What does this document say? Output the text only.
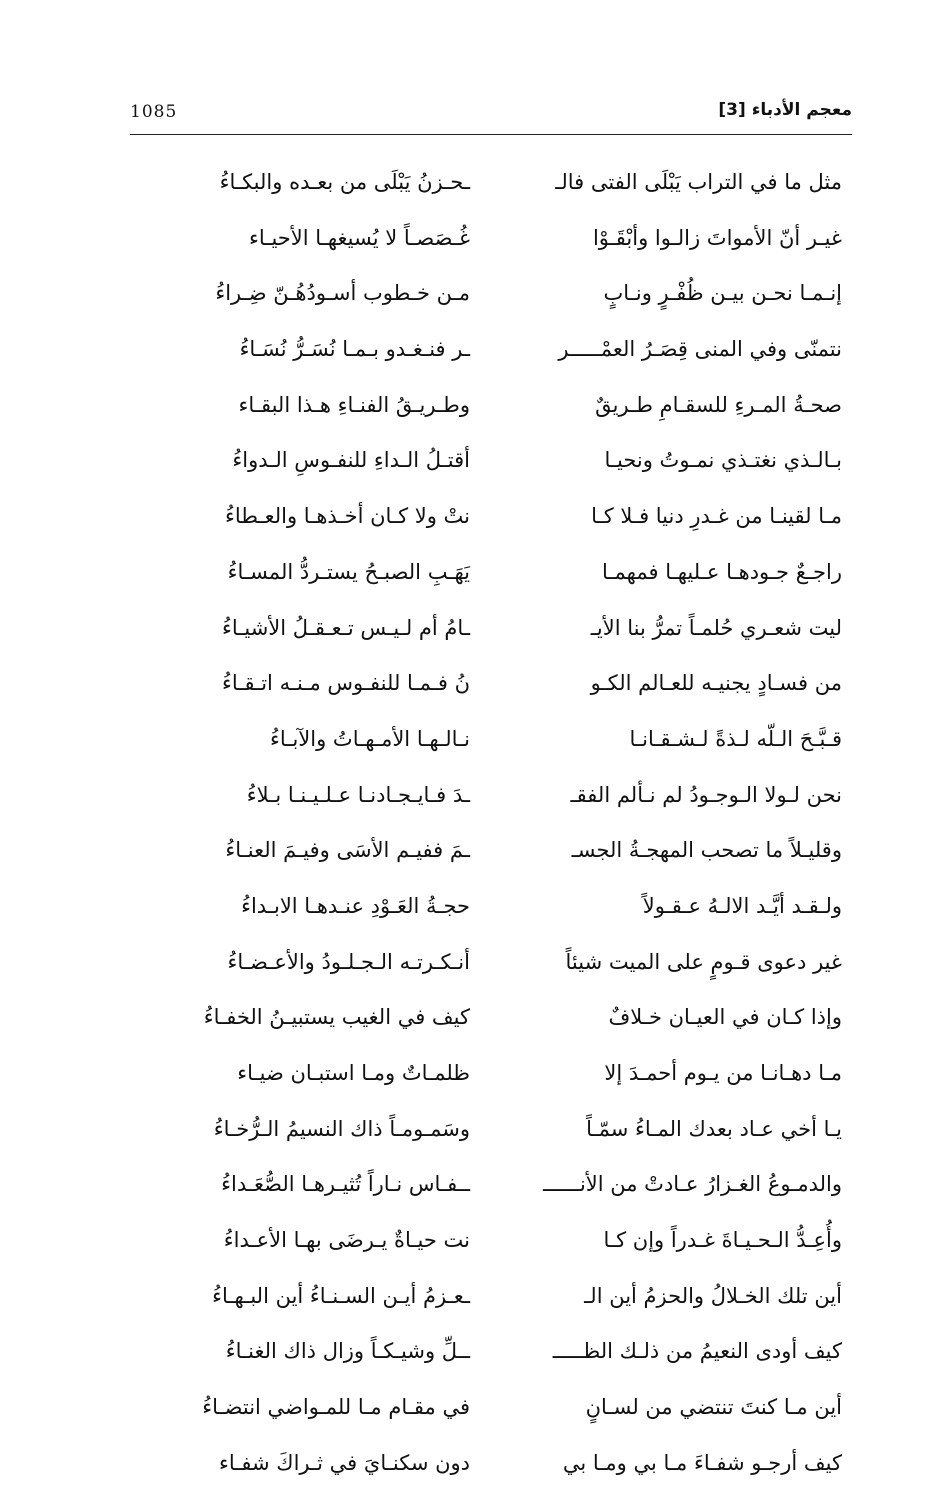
1085	معجم الأدباء [3]
مثل ما في التراب يَبْلَى الفتى فالـ
ـحـزنُ يَبْلَى من بعـده والبكـاءُ
غيـر أنّ الأمواتَ زالـوا وأبْقَـوْا
غُـصَصـاً لا يُسيغهـا الأحيـاء
إنـمـا نحـن بيـن ظُفْـرٍ ونـابٍ
مـن خـطوب أسـودُهُـنّ ضِـراءُ
نتمنّى وفي المنى قِصَـرُ العمْـــــر
ـر فنـغـدو بـمـا نُسَـرُّ نُسَـاءُ
صحـةُ المـرءِ للسقـامِ طـريقٌ
وطـريـقُ الفنـاءِ هـذا البقـاء
بـالـذي نغتـذي نمـوتُ ونحيـا
أقتـلُ الـداءِ للنفـوسِ الـدواءُ
مـا لقينـا من غـدرِ دنيا فـلا كـا
نتْ ولا كـان أخـذهـا والعـطاءُ
راجـعٌ جـودهـا عـليهـا فمهمـا
يَهَـبِ الصبـحُ يستـردُّ المسـاءُ
ليت شعـري حُلمـاً تمرُّ بنا الأيـ
ـامُ أم لـيـس تـعـقـلُ الأشيـاءُ
من فسـادٍ يجنيـه للعـالم الكـو
نُ فـمـا للنفـوس مـنـه اتـقـاءُ
قـبَّـحَ الـلّه لـذةً لـشـقـانـا
نـالـهـا الأمـهـاتُ والآبـاءُ
نحن لـولا الـوجـودُ لم نـألم الفقـ
ـدَ فـايـجـادنـا عـلـيـنـا بـلاءُ
وقليـلاً ما تصحب المهجـةُ الجسـ
ـمَ ففيـم الأسَى وفيـمَ العنـاءُ
ولـقـد أيَّـد الالـهُ عـقـولاً
حجـةُ العَـوْدِ عنـدهـا الابـداءُ
غير دعوى قـومٍ على الميت شيئاً
أنـكـرتـه الـجـلـودُ والأعـضـاءُ
وإذا كـان في العيـان خـلافٌ
كيف في الغيب يستبيـنُ الخفـاءُ
مـا دهـانـا من يـوم أحمـدَ إلا
ظلمـاتٌ ومـا استبـان ضيـاء
يـا أخي عـاد بعدك المـاءُ سمّـاً
وسَمـومـاً ذاك النسيمُ الـرُّخـاءُ
والدمـوعُ الغـزارُ عـادتْ من الأنــــــ
ــفـاس نـاراً تُثيـرهـا الصُّعَـداءُ
وأُعِـدُّ الـحـيـاةَ غـدراً وإن كـا
نت حيـاةٌ يـرضَى بهـا الأعـداءُ
أين تلك الخـلالُ والحزمُ أين الـ
ـعـزمُ أيـن السـنـاءُ أين البـهـاءُ
كيف أودى النعيمُ من ذلـك الظـــــ
ــلِّ وشيـكـاً وزال ذاك الغنـاءُ
أين مـا كنتَ تنتضي من لسـانٍ
في مقـام مـا للمـواضي انتضـاءُ
كيف أرجـو شفـاءَ مـا بي ومـا بي
دون سكنـايَ في ثـراكَ شفـاء
